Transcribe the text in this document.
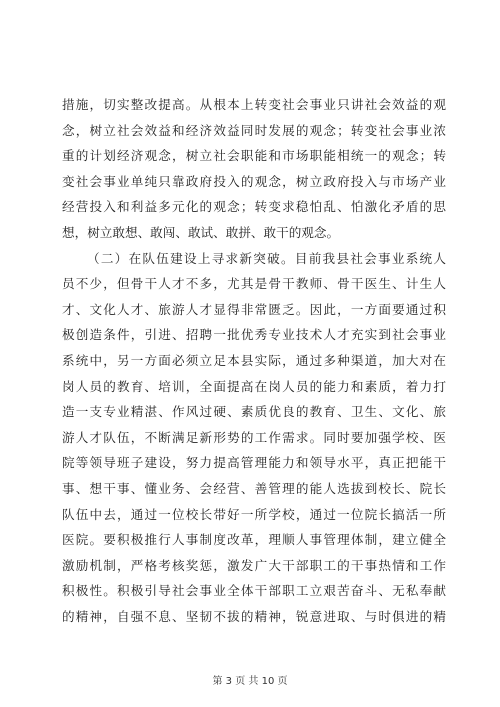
措施，切实整改提高。从根本上转变社会事业只讲社会效益的观
念，树立社会效益和经济效益同时发展的观念；转变社会事业浓
重的计划经济观念，树立社会职能和市场职能相统一的观念；转
变社会事业单纯只靠政府投入的观念，树立政府投入与市场产业
经营投入和利益多元化的观念；转变求稳怕乱、怕激化矛盾的思
想，树立敢想、敢闯、敢试、敢拼、敢干的观念。
（二）在队伍建设上寻求新突破。目前我县社会事业系统人
员不少，但骨干人才不多，尤其是骨干教师、骨干医生、计生人
才、文化人才、旅游人才显得非常匮乏。因此，一方面要通过积
极创造条件，引进、招聘一批优秀专业技术人才充实到社会事业
系统中，另一方面必须立足本县实际，通过多种渠道，加大对在
岗人员的教育、培训，全面提高在岗人员的能力和素质，着力打
造一支专业精湛、作风过硬、素质优良的教育、卫生、文化、旅
游人才队伍，不断满足新形势的工作需求。同时要加强学校、医
院等领导班子建设，努力提高管理能力和领导水平，真正把能干
事、想干事、懂业务、会经营、善管理的能人选拔到校长、院长
队伍中去，通过一位校长带好一所学校，通过一位院长搞活一所
医院。要积极推行人事制度改革，理顺人事管理体制，建立健全
激励机制，严格考核奖惩，激发广大干部职工的干事热情和工作
积极性。积极引导社会事业全体干部职工立艰苦奋斗、无私奉献
的精神，自强不息、坚韧不拔的精神，锐意进取、与时俱进的精
第 3 页 共 10 页
